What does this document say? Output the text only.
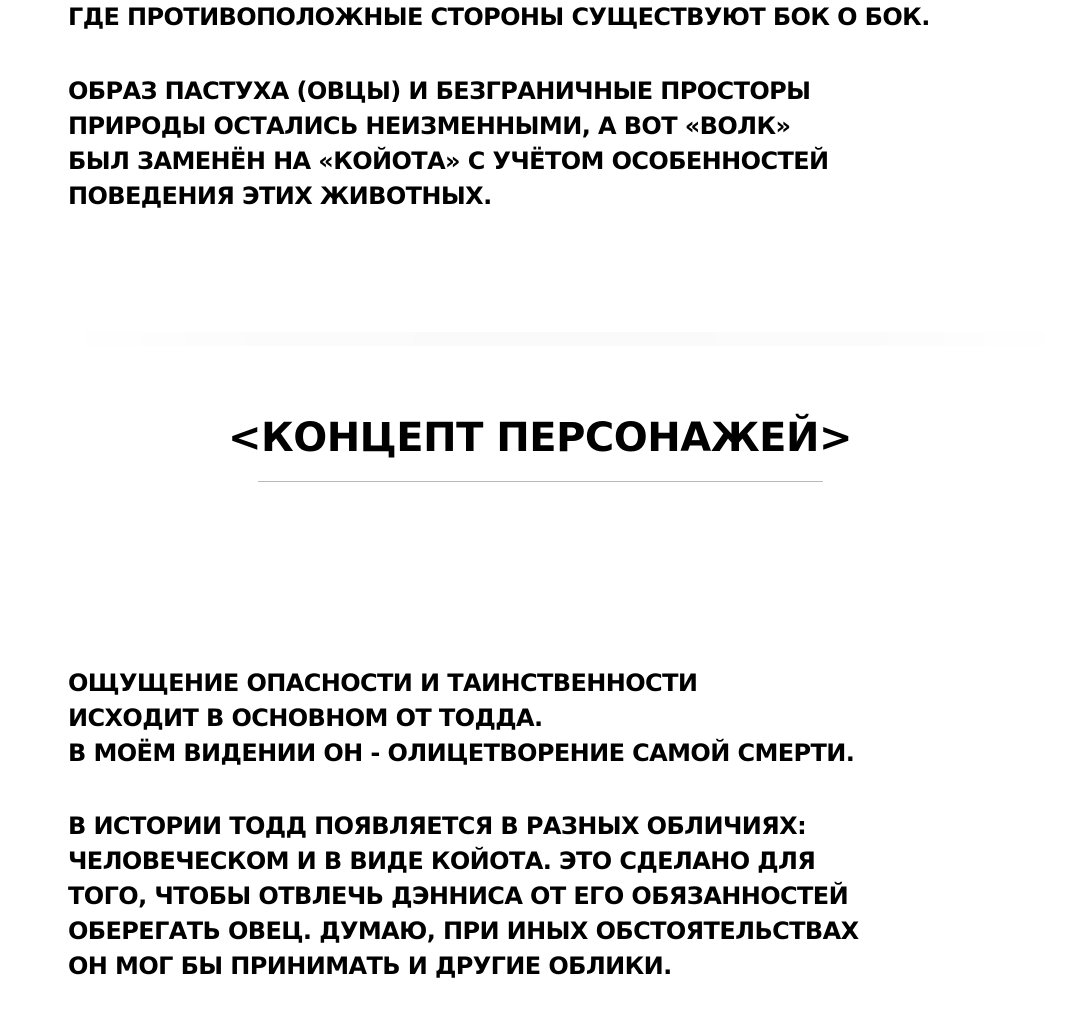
ГДЕ ПРОТИВОПОЛОЖНЫЕ СТОРОНЫ СУЩЕСТВУЮТ БОК О БОК.

ОБРАЗ ПАСТУХА (ОВЦЫ) И БЕЗГРАНИЧНЫЕ ПРОСТОРЫ
ПРИРОДЫ ОСТАЛИСЬ НЕИЗМЕННЫМИ, А ВОТ «ВОЛК»
БЫЛ ЗАМЕНЁН НА «КОЙОТА» С УЧЁТОМ ОСОБЕННОСТЕЙ
ПОВЕДЕНИЯ ЭТИХ ЖИВОТНЫХ.

<КОНЦЕПТ ПЕРСОНАЖЕЙ>

ОЩУЩЕНИЕ ОПАСНОСТИ И ТАИНСТВЕННОСТИ
ИСХОДИТ В ОСНОВНОМ ОТ ТОДДА.
В МОЁМ ВИДЕНИИ ОН - ОЛИЦЕТВОРЕНИЕ САМОЙ СМЕРТИ.

В ИСТОРИИ ТОДД ПОЯВЛЯЕТСЯ В РАЗНЫХ ОБЛИЧИЯХ:
ЧЕЛОВЕЧЕСКОМ И В ВИДЕ КОЙОТА. ЭТО СДЕЛАНО ДЛЯ
ТОГО, ЧТОБЫ ОТВЛЕЧЬ ДЭННИСА ОТ ЕГО ОБЯЗАННОСТЕЙ
ОБЕРЕГАТЬ ОВЕЦ. ДУМАЮ, ПРИ ИНЫХ ОБСТОЯТЕЛЬСТВАХ
ОН МОГ БЫ ПРИНИМАТЬ И ДРУГИЕ ОБЛИКИ.
